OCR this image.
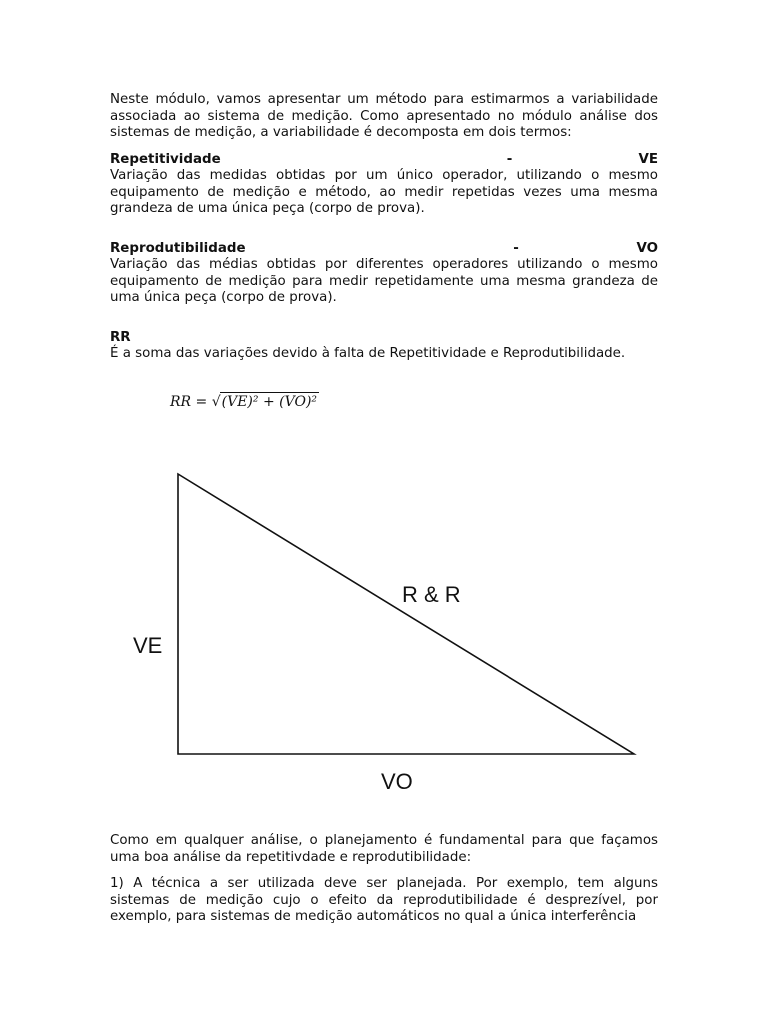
Neste módulo, vamos apresentar um método para estimarmos a variabilidade associada ao sistema de medição. Como apresentado no módulo análise dos sistemas de medição, a variabilidade é decomposta em dois termos:

Repetitividade	-	VE

Variação das medidas obtidas por um único operador, utilizando o mesmo equipamento de medição e método, ao medir repetidas vezes uma mesma grandeza de uma única peça (corpo de prova).

Reprodutibilidade	-	VO

Variação das médias obtidas por diferentes operadores utilizando o mesmo equipamento de medição para medir repetidamente uma mesma grandeza de uma única peça (corpo de prova).

RR

É a soma das variações devido à falta de Repetitividade e Reprodutibilidade.

RR = √(VE)² + (VO)²
R & R
VE
VO

Como em qualquer análise, o planejamento é fundamental para que façamos uma boa análise da repetitivdade e reprodutibilidade:

1) A técnica a ser utilizada deve ser planejada. Por exemplo, tem alguns sistemas de medição cujo o efeito da reprodutibilidade é desprezível, por exemplo, para sistemas de medição automáticos no qual a única interferência
